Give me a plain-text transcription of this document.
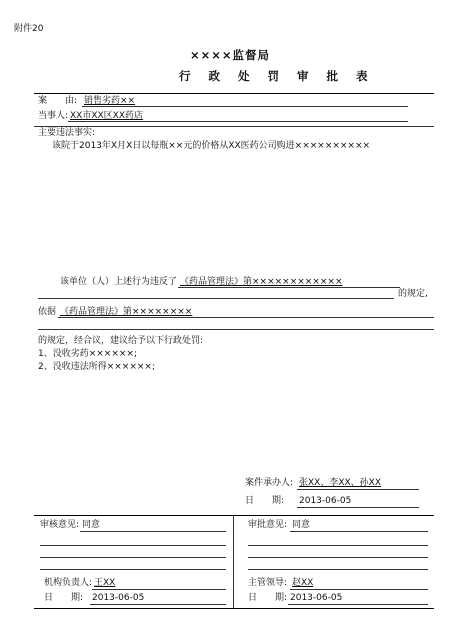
附件20
××××监督局
行 政 处 罚 审 批 表
案　　由: 销售劣药××
当事人: XX市XX区XX药店
主要违法事实:
该院于2013年X月X日以每瓶××元的价格从XX医药公司购进××××××××××
该单位（人）上述行为违反了 《药品管理法》第××××××××××××
的规定,
依据 《药品管理法》第××××××××
的规定，经合议，建议给予以下行政处罚:
1、没收劣药××××××;
2、没收违法所得××××××;
案件承办人: 张XX、李XX、孙XX
日　　期: 2013-06-05
审核意见: 同意
机构负责人: 王XX
日　　期: 2013-06-05
审批意见: 同意
主管领导: 赵XX
日　　期: 2013-06-05
